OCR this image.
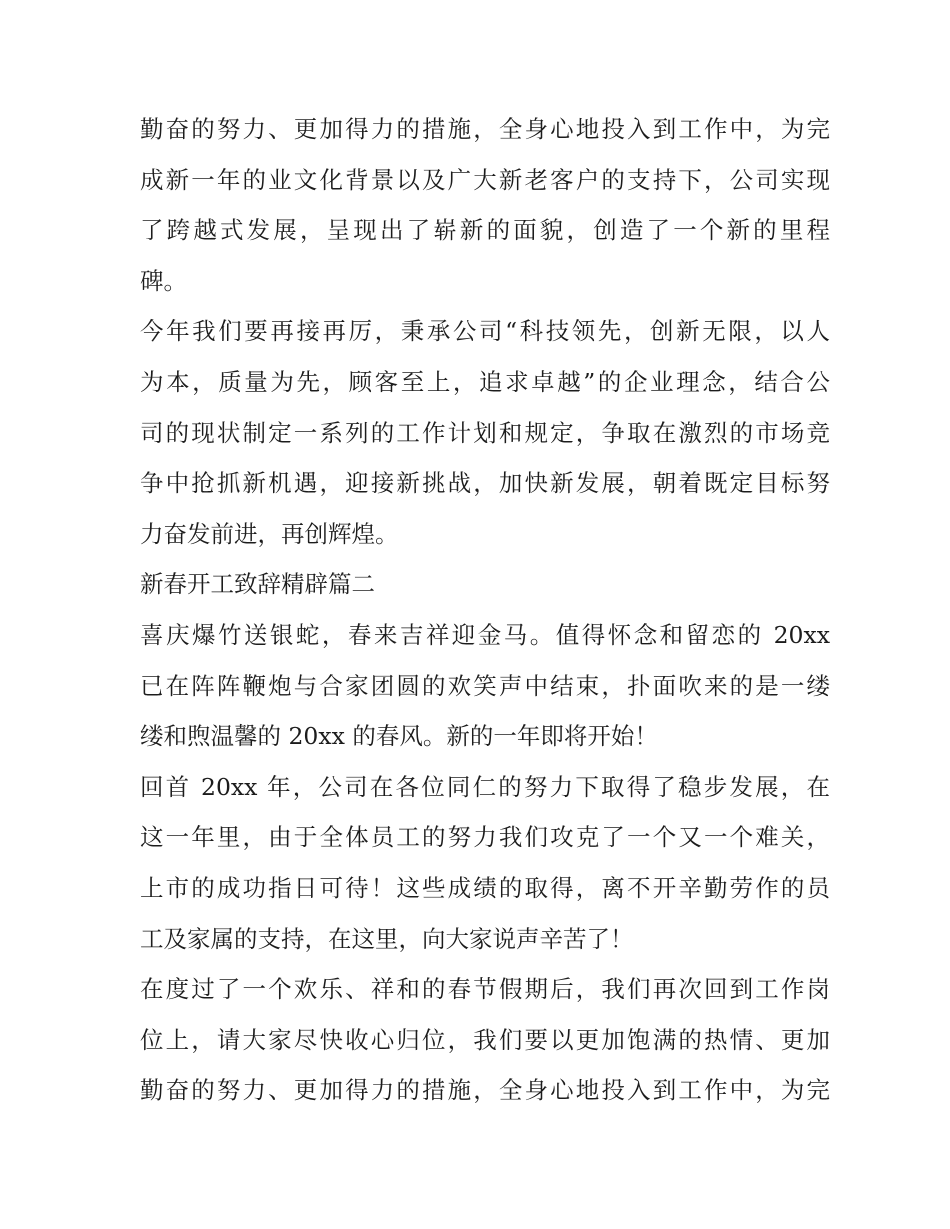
勤奋的努力、更加得力的措施，全身心地投入到工作中，为完
成新一年的业文化背景以及广大新老客户的支持下，公司实现
了跨越式发展，呈现出了崭新的面貌，创造了一个新的里程
碑。
今年我们要再接再厉，秉承公司“科技领先，创新无限，以人
为本，质量为先，顾客至上，追求卓越”的企业理念，结合公
司的现状制定一系列的工作计划和规定，争取在激烈的市场竞
争中抢抓新机遇，迎接新挑战，加快新发展，朝着既定目标努
力奋发前进，再创辉煌。
新春开工致辞精辟篇二
喜庆爆竹送银蛇，春来吉祥迎金马。值得怀念和留恋的 20xx
已在阵阵鞭炮与合家团圆的欢笑声中结束，扑面吹来的是一缕
缕和煦温馨的 20xx 的春风。新的一年即将开始！
回首 20xx 年，公司在各位同仁的努力下取得了稳步发展，在
这一年里，由于全体员工的努力我们攻克了一个又一个难关，
上市的成功指日可待！这些成绩的取得，离不开辛勤劳作的员
工及家属的支持，在这里，向大家说声辛苦了！
在度过了一个欢乐、祥和的春节假期后，我们再次回到工作岗
位上，请大家尽快收心归位，我们要以更加饱满的热情、更加
勤奋的努力、更加得力的措施，全身心地投入到工作中，为完
